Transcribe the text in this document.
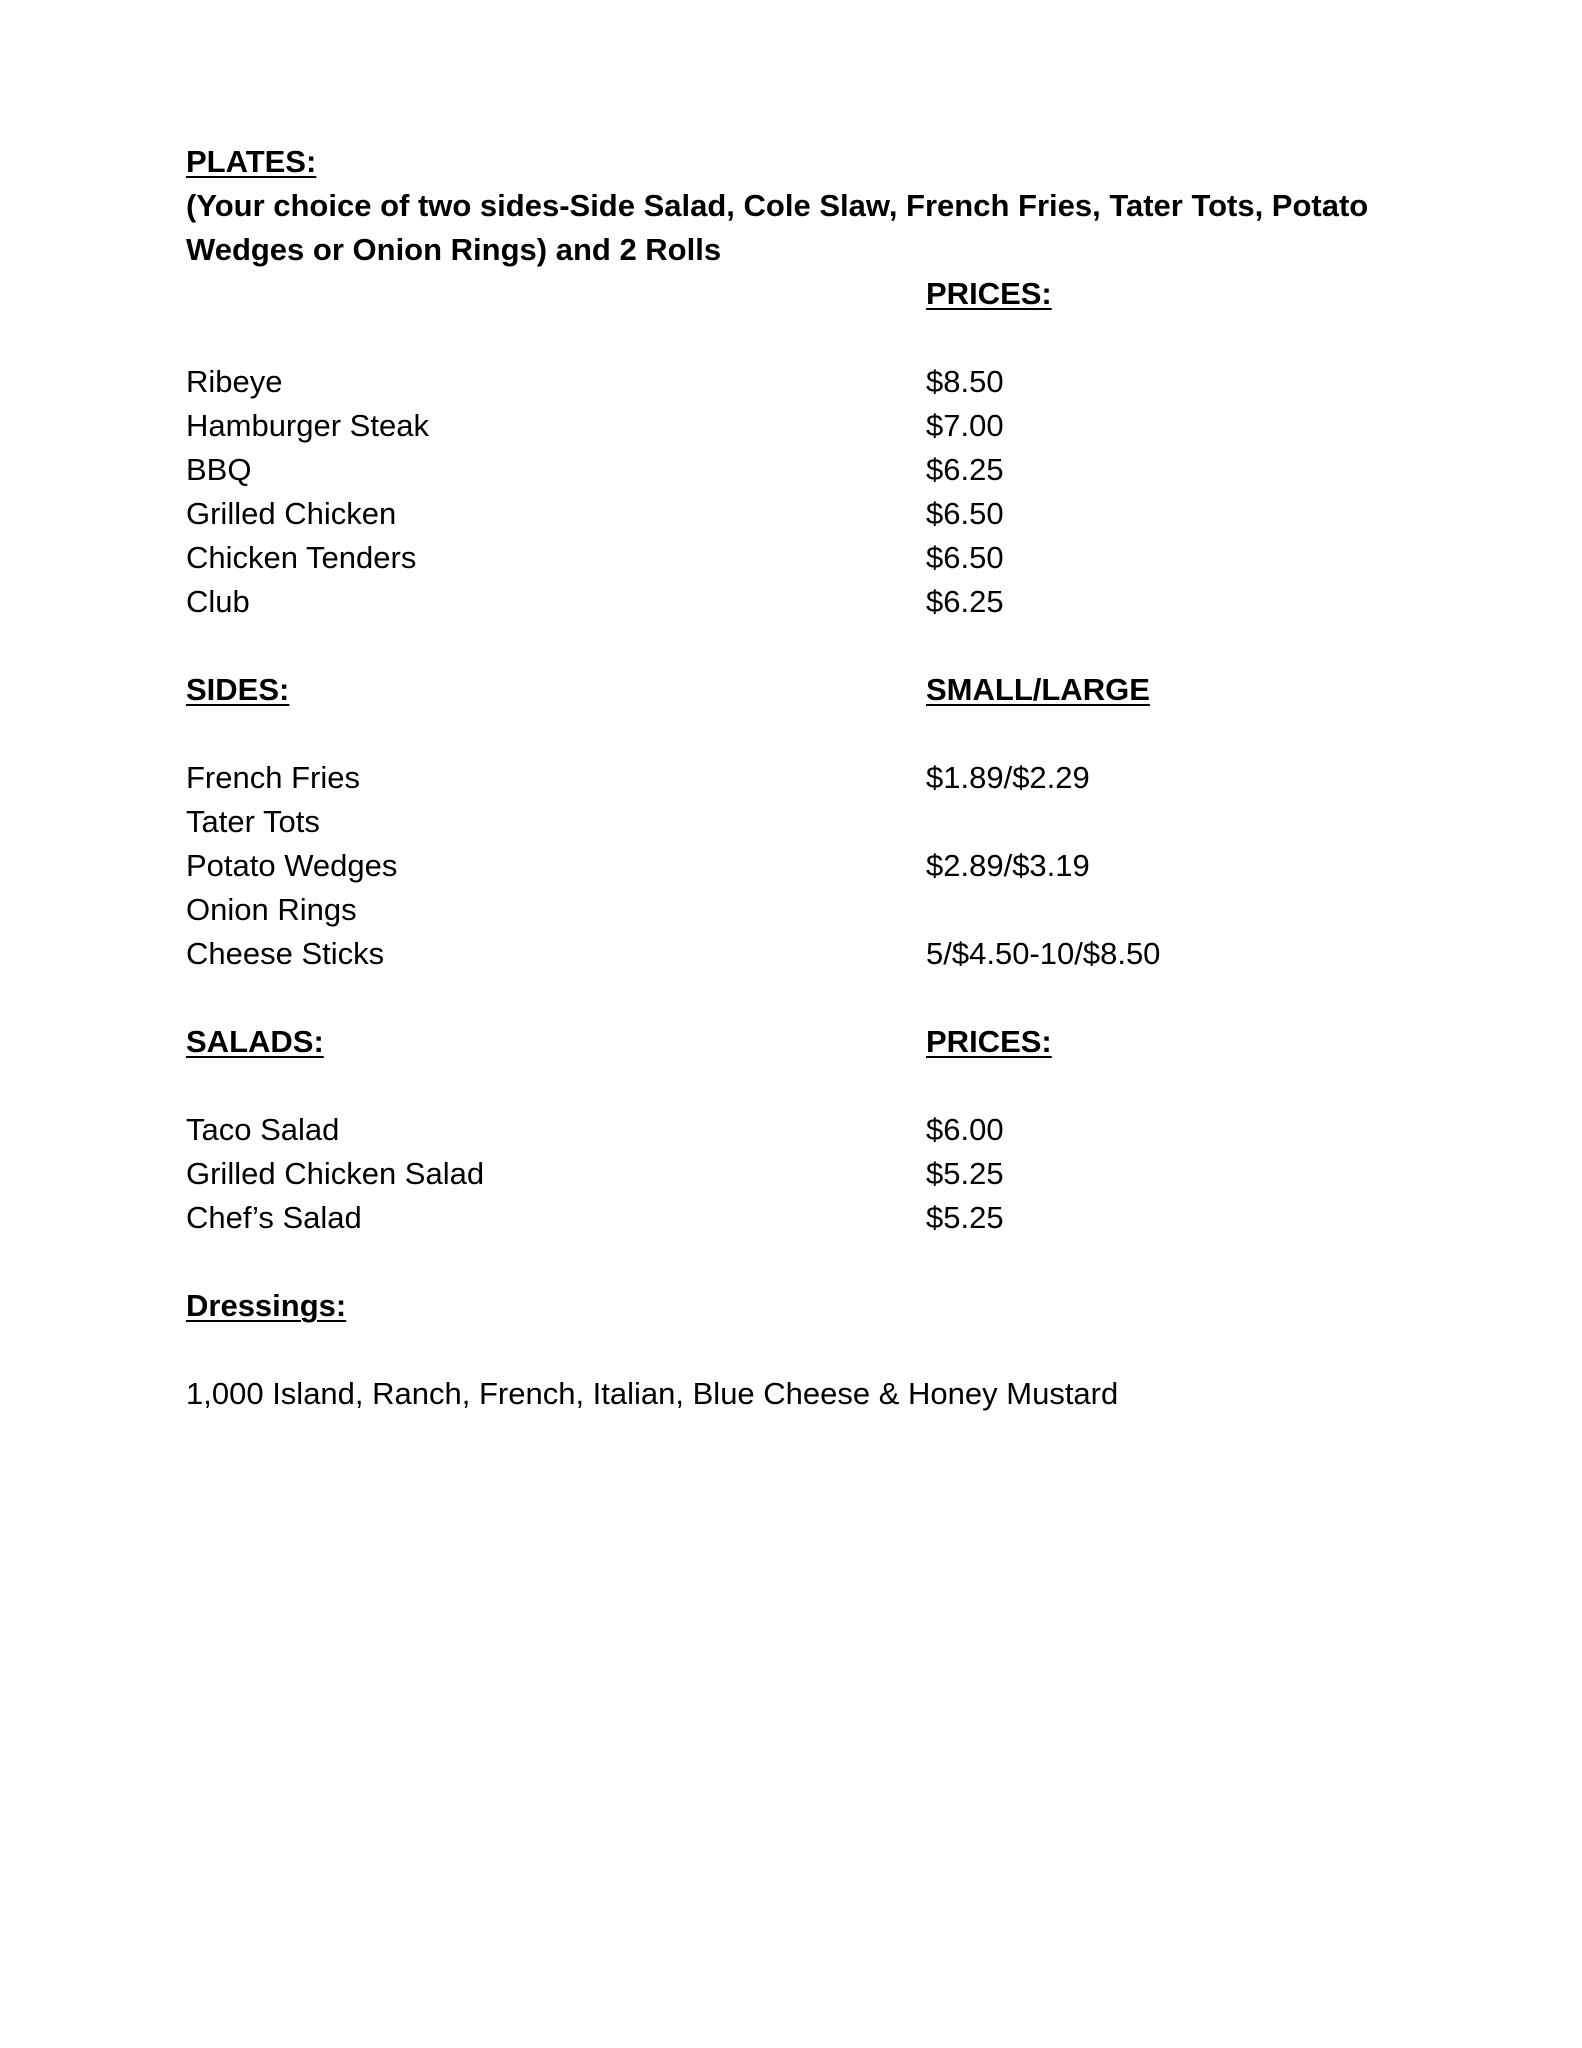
PLATES:

(Your choice of two sides-Side Salad, Cole Slaw, French Fries, Tater Tots, Potato Wedges or Onion Rings) and 2 Rolls

PRICES:
Ribeye	$8.50
Hamburger Steak	$7.00
BBQ	$6.25
Grilled Chicken	$6.50
Chicken Tenders	$6.50
Club	$6.25
SIDES:	SMALL/LARGE
French Fries	$1.89/$2.29
Tater Tots
Potato Wedges	$2.89/$3.19
Onion Rings
Cheese Sticks	5/$4.50-10/$8.50
SALADS:	PRICES:
Taco Salad	$6.00
Grilled Chicken Salad	$5.25
Chef’s Salad	$5.25
Dressings:
1,000 Island, Ranch, French, Italian, Blue Cheese & Honey Mustard
